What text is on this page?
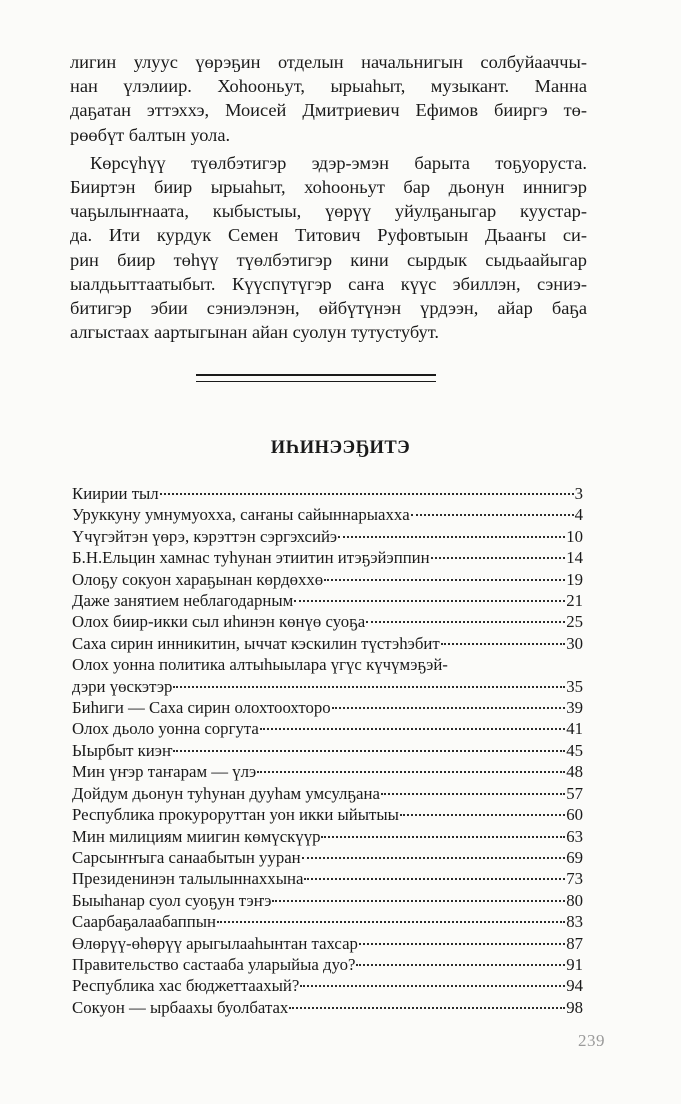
лигин улуус үөрэҕин отделын начальнигын солбуйааччы-
нан үлэлиир. Хоһооньут, ырыаһыт, музыкант. Манна
даҕатан эттэххэ, Моисей Дмитриевич Ефимов бииргэ тө-
рөөбүт балтын уола.

Көрсүһүү түөлбэтигэр эдэр-эмэн барыта тоҕуоруста.
Бииртэн биир ырыаһыт, хоһооньут бар дьонун иннигэр
чаҕылыҥнаата, кыбыстыы, үөрүү уйулҕаныгар куустар-
да. Ити курдук Семен Титович Руфовтыын Дьааҥы си-
рин биир төһүү түөлбэтигэр кини сырдык сыдьаайыгар
ыалдьыттаатыбыт. Күүспүтүгэр саҥа күүс эбиллэн, сэниэ-
битигэр эбии сэниэлэнэн, өйбүтүнэн үрдээн, айар баҕа
алгыстаах аартыгынан айан суолун тутустубут.

ИҺИНЭЭҔИТЭ
Киирии тыл	3
Уруккуну умнумуоххa, саҥаны сайыннарыаххa	4
Үчүгэйтэн үөрэ, кэрэттэн сэргэхсийэ	10
Б.Н.Ельцин хамнас туһунан этиитин итэҕэйэппин	14
Олоҕу сокуон харaҕынан көрдөххө	19
Даже занятием неблагодарным	21
Олох биир-икки сыл иһинэн көнүө суоҕа	25
Саха сирин инникитин, ыччат кэскилин түстэһэбит	30
Олох уонна политика алтыһыылара үгүс күчүмэҕэй-
дэри үөскэтэр	35
Биһиги — Саха сирин олохтоохторо	39
Олох дьоло уонна соргута	41
Ыырбыт киэҥ	45
Мин үҥэр таҥарам — үлэ	48
Дойдум дьонун туһунан дууһам умсулҕана	57
Республика прокуроруттан уон икки ыйытыы	60
Мин милициям миигин көмүскүүр	63
Сарсыҥҥыга санаабытын ууран	69
Президенинэн талылыннаххына	73
Быыһанар суол суоҕун тэҥэ	80
Саарбаҕалаабаппын	83
Өлөрүү-өһөрүү арыгылааһынтан тахсар	87
Правительство састааба уларыйыа дуо?	91
Республика хас бюджеттаахый?	94
Сокуон — ырбаахы буолбатах	98
239
